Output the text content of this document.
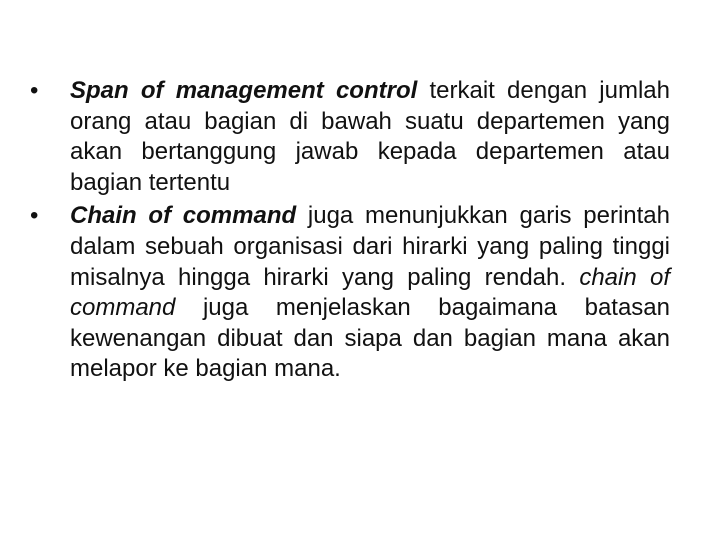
•	Span of management control terkait dengan jumlah orang atau bagian di bawah suatu departemen yang akan bertanggung jawab kepada departemen atau bagian tertentu
•	Chain of command juga menunjukkan garis perintah dalam sebuah organisasi dari hirarki yang paling tinggi misalnya hingga hirarki yang paling rendah. chain of command juga menjelaskan bagaimana batasan kewenangan dibuat dan siapa dan bagian mana akan melapor ke bagian mana.
